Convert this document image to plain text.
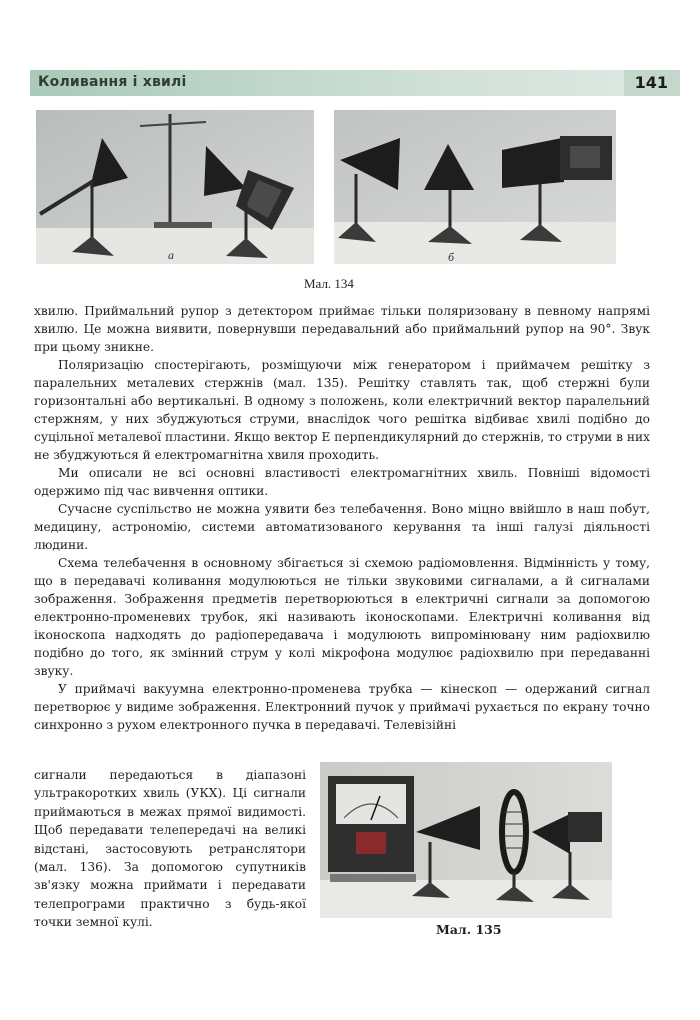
Коливання і хвилі	141
а	б
Мал. 134

хвилю. Приймальний рупор з детектором приймає тільки поляризовану в певному напрямі хвилю. Це можна виявити, повернувши передавальний або приймальний рупор на 90°. Звук при цьому зникне.

Поляризацію спостерігають, розміщуючи між генератором і приймачем решітку з паралельних металевих стержнів (мал. 135). Решітку ставлять так, щоб стержні були горизонтальні або вертикальні. В одному з положень, коли електричний вектор паралельний стержням, у них збуджуються струми, внаслідок чого решітка відбиває хвилі подібно до суцільної металевої пластини. Якщо вектор E перпендикулярний до стержнів, то струми в них не збуджуються й електромагнітна хвиля проходить.

Ми описали не всі основні властивості електромагнітних хвиль. Повніші відомості одержимо під час вивчення оптики.

Сучасне суспільство не можна уявити без телебачення. Воно міцно ввійшло в наш побут, медицину, астрономію, системи автоматизованого керування та інші галузі діяльності людини.

Схема телебачення в основному збігається зі схемою радіомовлення. Відмінність у тому, що в передавачі коливання модулюються не тільки звуковими сигналами, а й сигналами зображення. Зображення предметів перетворюються в електричні сигнали за допомогою електронно-променевих трубок, які називають іконоскопами. Електричні коливання від іконоскопа надходять до радіопередавача і модулюють випромінювану ним радіохвилю подібно до того, як змінний струм у колі мікрофона модулює радіохвилю при передаванні звуку.

У приймачі вакуумна електронно-променева трубка — кінескоп — одержаний сигнал перетворює у видиме зображення. Електронний пучок у приймачі рухається по екрану точно синхронно з рухом електронного пучка в передавачі. Телевізійні

сигнали передаються в діапазоні ультракоротких хвиль (УКХ). Ці сигнали приймаються в межах прямої видимості. Щоб передавати телепередачі на великі відстані, застосовують ретранслятори (мал. 136). За допомогою супутників зв'язку можна приймати і передавати телепрограми практично з будь-якої точки земної кулі.	Мал. 135
